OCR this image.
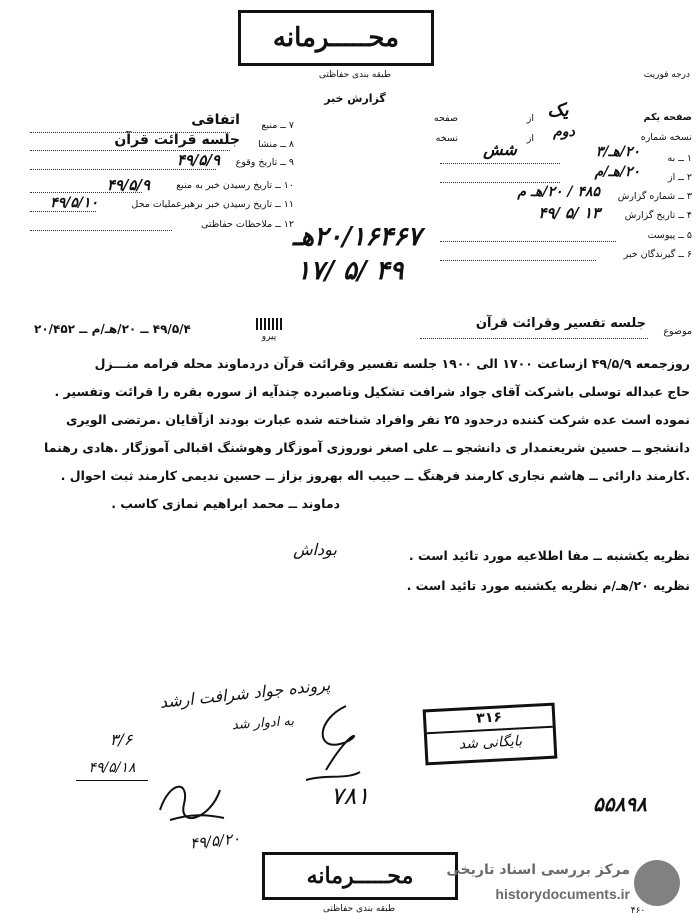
محـــــرمانه
طبقه بندی حفاظتی
گزارش خبر
درجه فوریت
۷ ــ منبع
اتفاقی
۸ ــ منشا
جلسه قرائت قرآن
۹ ــ تاریخ وقوع
۴۹/۵/۹
۱۰ ــ تاریخ رسیدن خبر به منبع
۴۹/۵/۹
۱۱ ــ تاریخ رسیدن خبر برهبرعملیات محل
۴۹/۵/۱۰
۱۲ ــ ملاحظات حفاظتی
صفحه یکم
یک
از
صفحه
نسخه شماره
دوم
از
شش
نسخه
۱ ــ به
۲۰/هـ/۳
۲ ــ از
۲۰/هـ/م
۳ ــ شماره گزارش
۴۸۵ / ۲۰/هـ م
۴ ــ تاریخ گزارش
۴۹/ ۵/ ۱۳
۵ ــ پیوست
۶ ــ گیرندگان خبر
۲۰/۱۶۴۶۷هـ
۱۷/ ۵/ ۴۹
موضوع
جلسه تفسیر وقرائت قرآن
۴۹/۵/۴ ــ ۲۰/هـ/م ــ ۲۰/۴۵۲
پیرو
روزجمعه ۴۹/۵/۹ ازساعت ۱۷۰۰ الی ۱۹۰۰ جلسه تفسیر وقرائت قرآن دردماوند محله فرامه منـــزل
حاج عبداله توسلی باشرکت آقای جواد شرافت تشکیل وناصبرده چندآیه از سوره بقره را قرائت وتفسیر .
نموده است عده شرکت کننده درحدود ۲۵ نفر وافراد شناخته شده عبارت بودند ازآقایان .مرتضی الویری
دانشجو ــ حسین شریعتمدار ی دانشجو ــ علی اصغر نوروزی آموزگار وهوشنگ اقبالی آموزگار .هادی رهنما
.کارمند دارائی ــ هاشم نجاری کارمند فرهنگ ــ حبیب اله بهروز بزاز ــ حسین ندیمی کارمند ثبت احوال .
دماوند ــ محمد ابراهیم نمازی کاسب .
نظریه یکشنبه ــ مفا اطلاعیه مورد تائید است .
بوداش
نظریه ۲۰/هـ/م نظریه یکشنبه مورد تائید است .
پرونده جواد شرافت ارشد
به ادوار شد
۳/۶
۴۹/۵/۱۸
۷۸۱
۴۹/۵/۲۰
۵۵۸۹۸
۳۱۶
بایگانی شد
محـــــرمانه
طبقه بندی حفاظتی
مرکز بررسی اسناد تاریخی
historydocuments.ir
۴۶۰
